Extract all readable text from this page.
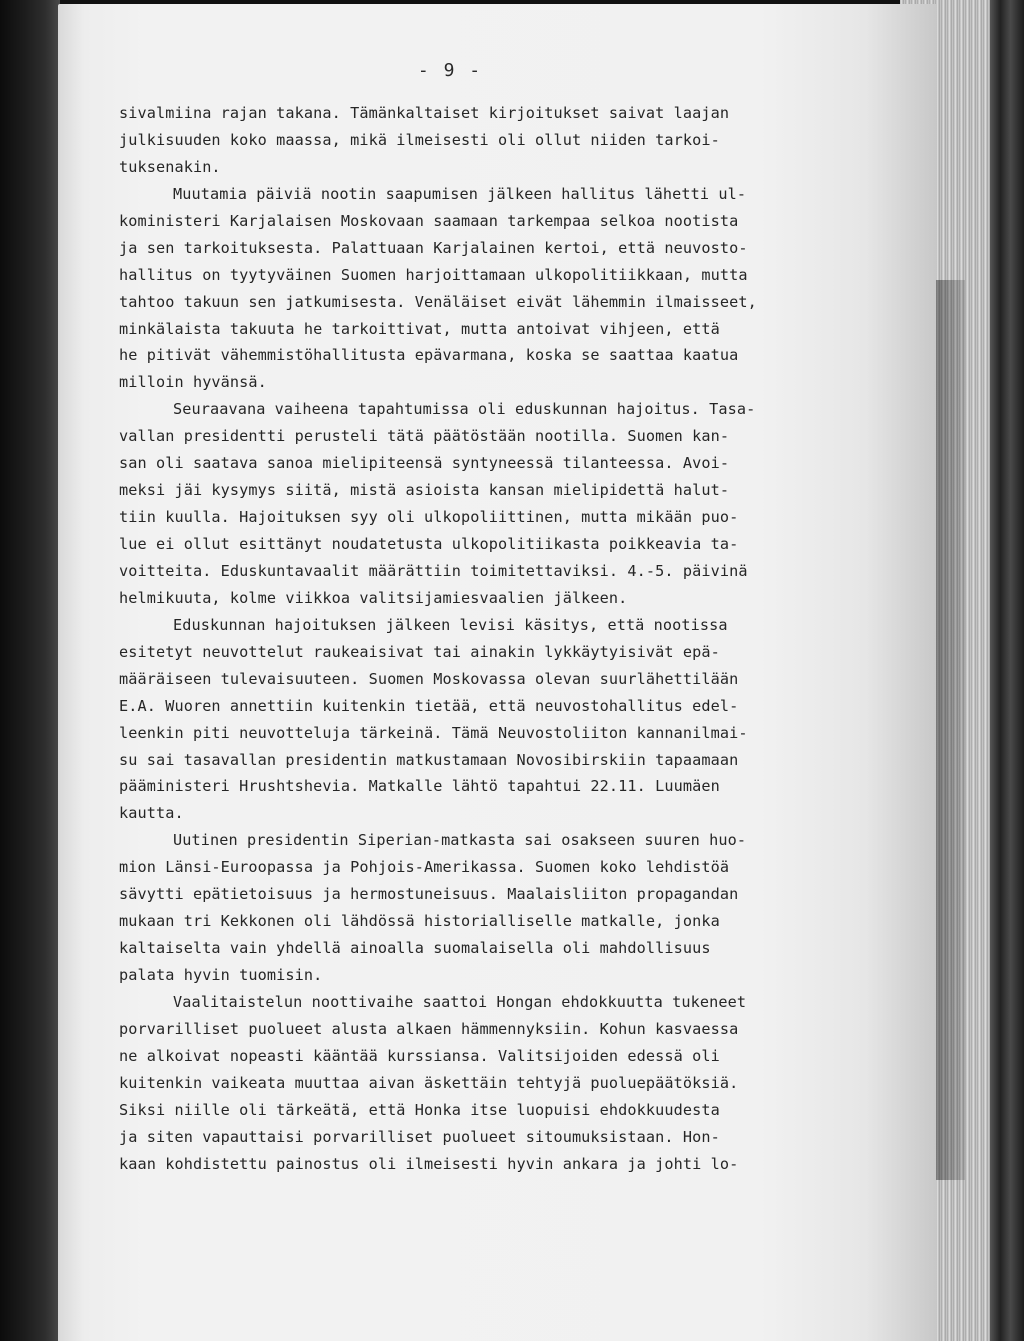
- 9 -
sivalmiina rajan takana. Tämänkaltaiset kirjoitukset saivat laajan
julkisuuden koko maassa, mikä ilmeisesti oli ollut niiden tarkoi-
tuksenakin.
Muutamia päiviä nootin saapumisen jälkeen hallitus lähetti ul-
koministeri Karjalaisen Moskovaan saamaan tarkempaa selkoa nootista
ja sen tarkoituksesta. Palattuaan Karjalainen kertoi, että neuvosto-
hallitus on tyytyväinen Suomen harjoittamaan ulkopolitiikkaan, mutta
tahtoo takuun sen jatkumisesta. Venäläiset eivät lähemmin ilmaisseet,
minkälaista takuuta he tarkoittivat, mutta antoivat vihjeen, että
he pitivät vähemmistöhallitusta epävarmana, koska se saattaa kaatua
milloin hyvänsä.
Seuraavana vaiheena tapahtumissa oli eduskunnan hajoitus. Tasa-
vallan presidentti perusteli tätä päätöstään nootilla. Suomen kan-
san oli saatava sanoa mielipiteensä syntyneessä tilanteessa. Avoi-
meksi jäi kysymys siitä, mistä asioista kansan mielipidettä halut-
tiin kuulla. Hajoituksen syy oli ulkopoliittinen, mutta mikään puo-
lue ei ollut esittänyt noudatetusta ulkopolitiikasta poikkeavia ta-
voitteita. Eduskuntavaalit määrättiin toimitettaviksi. 4.-5. päivinä
helmikuuta, kolme viikkoa valitsijamiesvaalien jälkeen.
Eduskunnan hajoituksen jälkeen levisi käsitys, että nootissa
esitetyt neuvottelut raukeaisivat tai ainakin lykkäytyisivät epä-
määräiseen tulevaisuuteen. Suomen Moskovassa olevan suurlähettilään
E.A. Wuoren annettiin kuitenkin tietää, että neuvostohallitus edel-
leenkin piti neuvotteluja tärkeinä. Tämä Neuvostoliiton kannanilmai-
su sai tasavallan presidentin matkustamaan Novosibirskiin tapaamaan
pääministeri Hrushtshevia. Matkalle lähtö tapahtui 22.11. Luumäen
kautta.
Uutinen presidentin Siperian-matkasta sai osakseen suuren huo-
mion Länsi-Euroopassa ja Pohjois-Amerikassa. Suomen koko lehdistöä
sävytti epätietoisuus ja hermostuneisuus. Maalaisliiton propagandan
mukaan tri Kekkonen oli lähdössä historialliselle matkalle, jonka
kaltaiselta vain yhdellä ainoalla suomalaisella oli mahdollisuus
palata hyvin tuomisin.
Vaalitaistelun noottivaihe saattoi Hongan ehdokkuutta tukeneet
porvarilliset puolueet alusta alkaen hämmennyksiin. Kohun kasvaessa
ne alkoivat nopeasti kääntää kurssiansa. Valitsijoiden edessä oli
kuitenkin vaikeata muuttaa aivan äskettäin tehtyjä puoluepäätöksiä.
Siksi niille oli tärkeätä, että Honka itse luopuisi ehdokkuudesta
ja siten vapauttaisi porvarilliset puolueet sitoumuksistaan. Hon-
kaan kohdistettu painostus oli ilmeisesti hyvin ankara ja johti lo-
